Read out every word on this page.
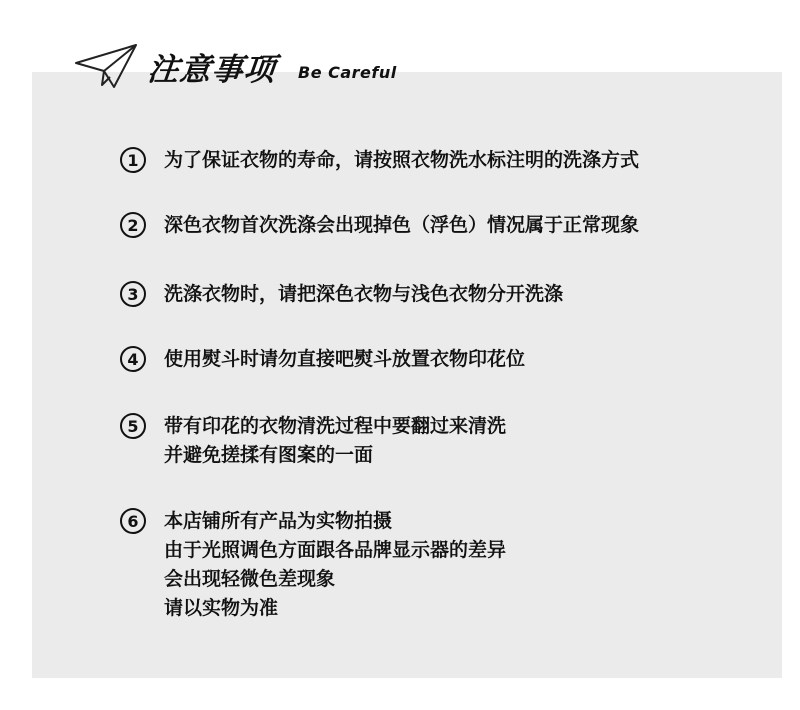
注意事项 Be Careful
1	为了保证衣物的寿命，请按照衣物洗水标注明的洗涤方式
2	深色衣物首次洗涤会出现掉色（浮色）情况属于正常现象
3	洗涤衣物时，请把深色衣物与浅色衣物分开洗涤
4	使用熨斗时请勿直接吧熨斗放置衣物印花位
5	带有印花的衣物清洗过程中要翻过来清洗
并避免搓揉有图案的一面
6	本店铺所有产品为实物拍摄
由于光照调色方面跟各品牌显示器的差异
会出现轻微色差现象
请以实物为准
